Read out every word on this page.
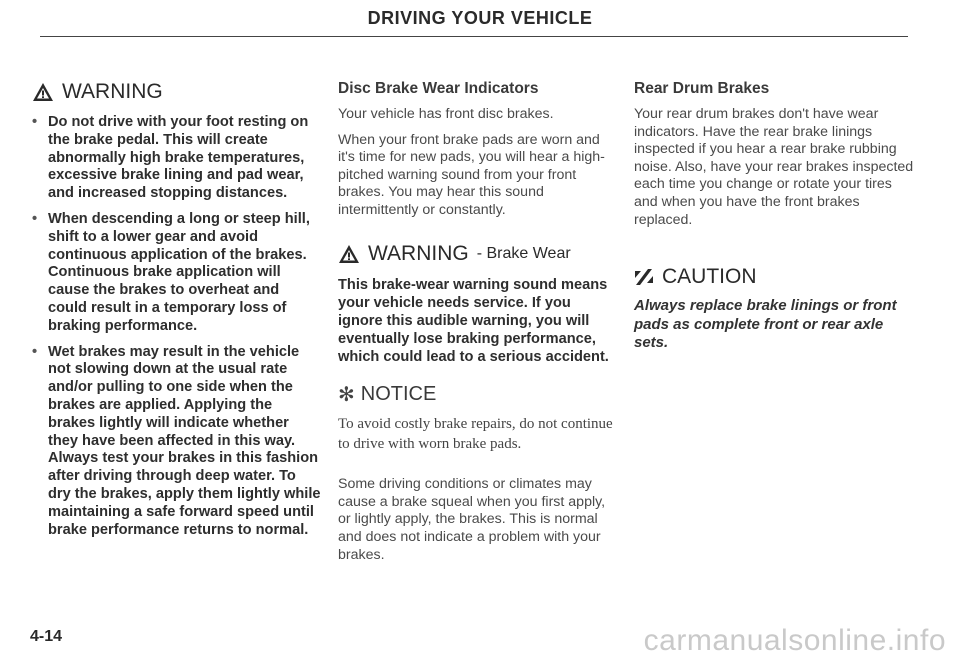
DRIVING YOUR VEHICLE
WARNING
• Do not drive with your foot resting on the brake pedal. This will create abnormally high brake temperatures, excessive brake lining and pad wear, and increased stopping distances.
• When descending a long or steep hill, shift to a lower gear and avoid continuous application of the brakes. Continuous brake application will cause the brakes to overheat and could result in a temporary loss of braking performance.
• Wet brakes may result in the vehicle not slowing down at the usual rate and/or pulling to one side when the brakes are applied. Applying the brakes lightly will indicate whether they have been affected in this way. Always test your brakes in this fashion after driving through deep water. To dry the brakes, apply them lightly while maintaining a safe forward speed until brake performance returns to normal.

Disc Brake Wear Indicators

Your vehicle has front disc brakes.

When your front brake pads are worn and it's time for new pads, you will hear a high-pitched warning sound from your front brakes. You may hear this sound intermittently or constantly.

WARNING - Brake Wear

This brake-wear warning sound means your vehicle needs service. If you ignore this audible warning, you will eventually lose braking performance, which could lead to a serious accident.

✻ NOTICE

To avoid costly brake repairs, do not continue to drive with worn brake pads.

Some driving conditions or climates may cause a brake squeal when you first apply, or lightly apply, the brakes. This is normal and does not indicate a problem with your brakes.

Rear Drum Brakes

Your rear drum brakes don't have wear indicators. Have the rear brake linings inspected if you hear a rear brake rubbing noise. Also, have your rear brakes inspected each time you change or rotate your tires and when you have the front brakes replaced.

CAUTION

Always replace brake linings or front pads as complete front or rear axle sets.

4-14	carmanualsonline.info
